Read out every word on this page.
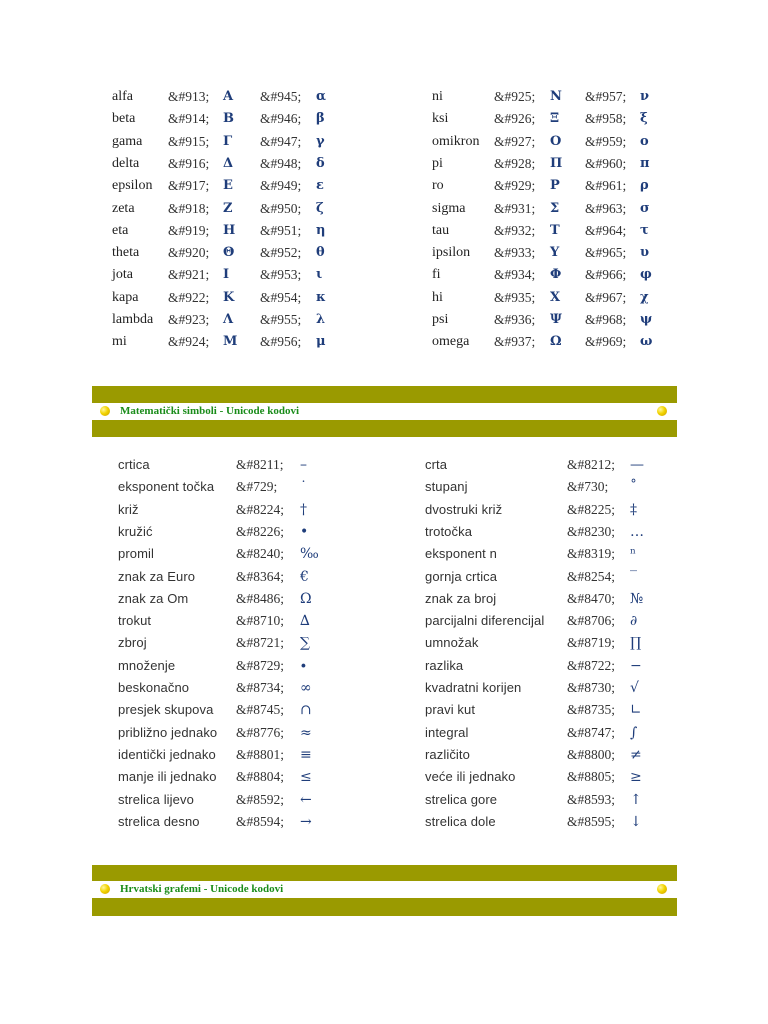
alfa	&#913; Α &#945; α
beta &#914; Β &#946; β
gama &#915; Γ &#947; γ
delta &#916; Δ &#948; δ
epsilon &#917; Ε &#949; ε
zeta &#918; Ζ &#950; ζ
eta	&#919; Η &#951; η
theta &#920; Θ &#952; θ
jota	&#921; Ι &#953; ι
kapa &#922; Κ &#954; κ
lambda &#923; Λ &#955; λ
mi	&#924; Μ &#956; μ
ni	&#925; Ν &#957; ν
ksi	&#926; Ξ &#958; ξ
omikron &#927; Ο &#959; ο
pi	&#928; Π &#960; π
ro	&#929; Ρ &#961; ρ
sigma &#931; Σ &#963; σ
tau	&#932; Τ &#964; τ
ipsilon &#933; Υ &#965; υ
fi	&#934; Φ &#966; φ
hi	&#935; Χ &#967; χ
psi	&#936; Ψ &#968; ψ
omega &#937; Ω &#969; ω
Matematički simboli - Unicode kodovi
crtica	&#8211; –
eksponent točka &#729; ˙
križ	&#8224; †
kružić	&#8226; •
promil	&#8240; ‰
znak za Euro	&#8364; €
znak za Om	&#8486; Ω
trokut	&#8710; ∆
zbroj	&#8721; ∑
množenje	&#8729; ∙
beskonačno	&#8734; ∞
presjek skupova &#8745; ∩
približno jednako &#8776; ≈
identički jednako &#8801; ≡
manje ili jednako &#8804; ≤
strelica lijevo	&#8592; ←
strelica desno	&#8594; →
crta	&#8212; —
stupanj	&#730; ˚
dvostruki križ	&#8225; ‡
trotočka	&#8230; …
eksponent n	&#8319; ⁿ
gornja crtica	&#8254; ‾
znak za broj	&#8470; №
parcijalni diferencijal &#8706; ∂
umnožak	&#8719; ∏
razlika	&#8722; −
kvadratni korijen	&#8730; √
pravi kut	&#8735; ∟
integral	&#8747; ∫
različito	&#8800; ≠
veće ili jednako	&#8805; ≥
strelica gore	&#8593; ↑
strelica dole	&#8595; ↓
Hrvatski grafemi - Unicode kodovi
